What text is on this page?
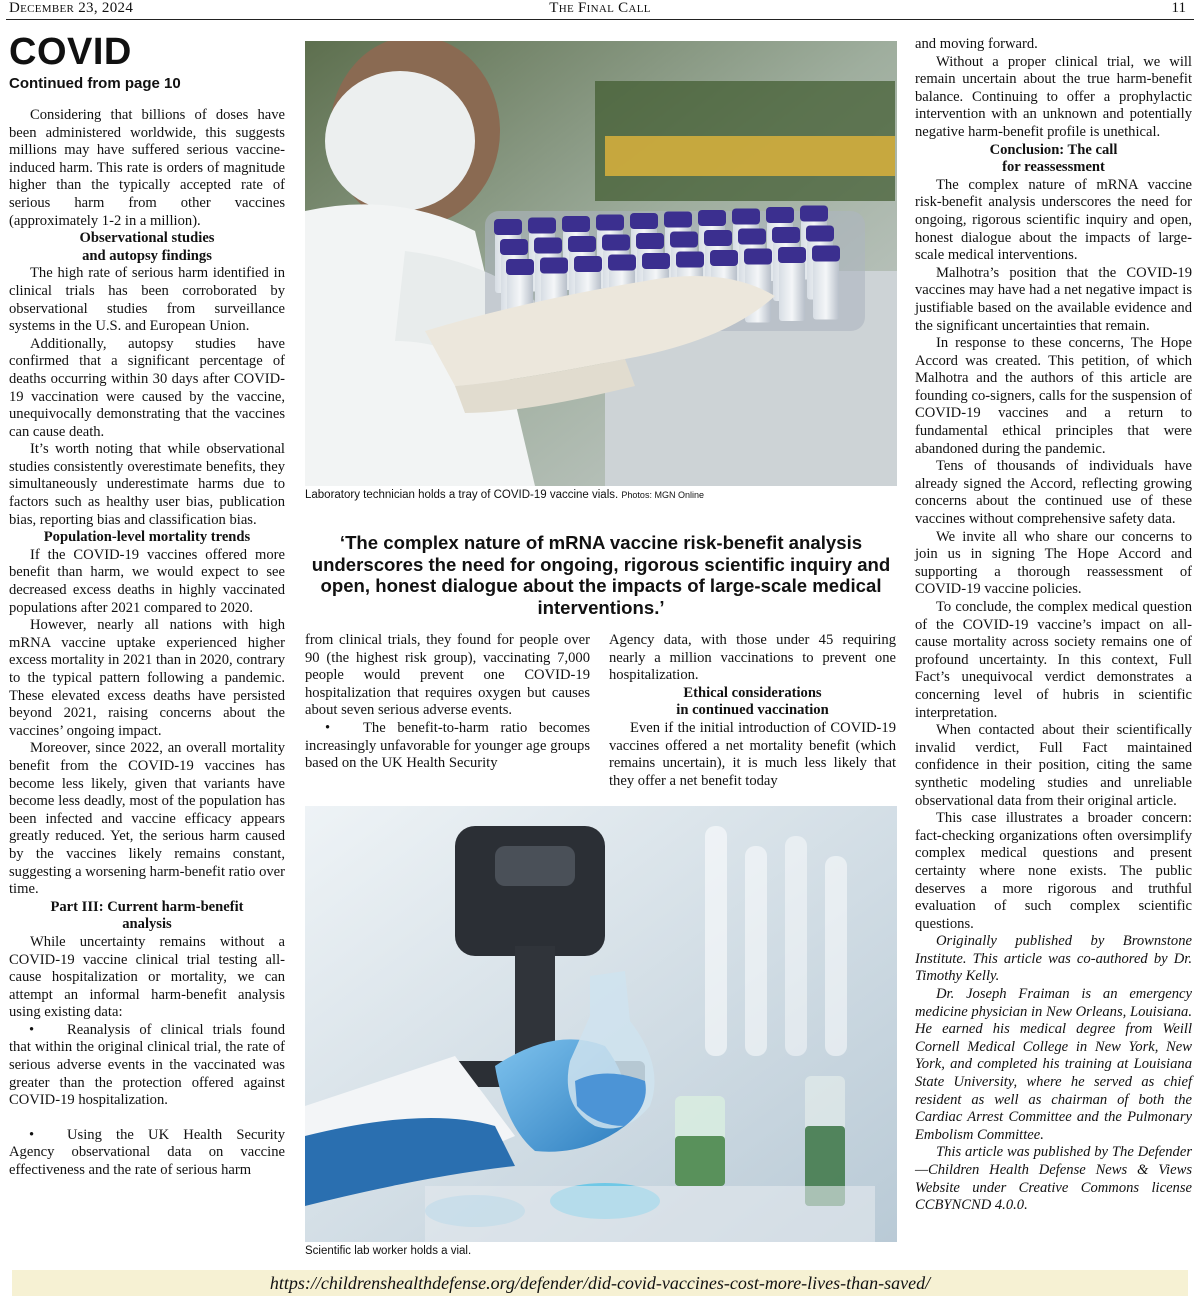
December 23, 2024	The Final Call	11
COVID
Continued from page 10

Considering that billions of doses have been administered worldwide, this suggests millions may have suffered serious vaccine-induced harm. This rate is orders of magnitude higher than the typically accepted rate of serious harm from other vaccines (approximately 1-2 in a million).

Observational studies
and autopsy findings

The high rate of serious harm identified in clinical trials has been corroborated by observational studies from surveillance systems in the U.S. and European Union.

Additionally, autopsy studies have confirmed that a significant percentage of deaths occurring within 30 days after COVID-19 vaccination were caused by the vaccine, unequivocally demonstrating that the vaccines can cause death.

It’s worth noting that while observational studies consistently overestimate benefits, they simultaneously underestimate harms due to factors such as healthy user bias, publication bias, reporting bias and classification bias.

Population-level mortality trends

If the COVID-19 vaccines offered more benefit than harm, we would expect to see decreased excess deaths in highly vaccinated populations after 2021 compared to 2020.

However, nearly all nations with high mRNA vaccine uptake experienced higher excess mortality in 2021 than in 2020, contrary to the typical pattern following a pandemic. These elevated excess deaths have persisted beyond 2021, raising concerns about the vaccines’ ongoing impact.

Moreover, since 2022, an overall mortality benefit from the COVID-19 vaccines has become less likely, given that variants have become less deadly, most of the population has been infected and vaccine efficacy appears greatly reduced. Yet, the serious harm caused by the vaccines likely remains constant, suggesting a worsening harm-benefit ratio over time.

Part III: Current harm-benefit
analysis

While uncertainty remains without a COVID-19 vaccine clinical trial testing all-cause hospitalization or mortality, we can attempt an informal harm-benefit analysis using existing data:

• Reanalysis of clinical trials found that within the original clinical trial, the rate of serious adverse events in the vaccinated was greater than the protection offered against COVID-19 hospitalization.

• Using the UK Health Security Agency observational data on vaccine effectiveness and the rate of serious harm

Laboratory technician holds a tray of COVID-19 vaccine vials. Photos: MGN Online
‘The complex nature of mRNA vaccine risk-benefit analysis underscores the need for ongoing, rigorous scientific inquiry and open, honest dialogue about the impacts of large-scale medical interventions.’

from clinical trials, they found for people over 90 (the highest risk group), vaccinating 7,000 people would prevent one COVID-19 hospitalization that requires oxygen but causes about seven serious adverse events.

• The benefit-to-harm ratio becomes increasingly unfavorable for younger age groups based on the UK Health Security

Agency data, with those under 45 requiring nearly a million vaccinations to prevent one hospitalization.

Ethical considerations
in continued vaccination

Even if the initial introduction of COVID-19 vaccines offered a net mortality benefit (which remains uncertain), it is much less likely that they offer a net benefit today

Scientific lab worker holds a vial.

and moving forward.

Without a proper clinical trial, we will remain uncertain about the true harm-benefit balance. Continuing to offer a prophylactic intervention with an unknown and potentially negative harm-benefit profile is unethical.

Conclusion: The call
for reassessment

The complex nature of mRNA vaccine risk-benefit analysis underscores the need for ongoing, rigorous scientific inquiry and open, honest dialogue about the impacts of large-scale medical interventions.

Malhotra’s position that the COVID-19 vaccines may have had a net negative impact is justifiable based on the available evidence and the significant uncertainties that remain.

In response to these concerns, The Hope Accord was created. This petition, of which Malhotra and the authors of this article are founding co-signers, calls for the suspension of COVID-19 vaccines and a return to fundamental ethical principles that were abandoned during the pandemic.

Tens of thousands of individuals have already signed the Accord, reflecting growing concerns about the continued use of these vaccines without comprehensive safety data.

We invite all who share our concerns to join us in signing The Hope Accord and supporting a thorough reassessment of COVID-19 vaccine policies.

To conclude, the complex medical question of the COVID-19 vaccine’s impact on all-cause mortality across society remains one of profound uncertainty. In this context, Full Fact’s unequivocal verdict demonstrates a concerning level of hubris in scientific interpretation.

When contacted about their scientifically invalid verdict, Full Fact maintained confidence in their position, citing the same synthetic modeling studies and unreliable observational data from their original article.

This case illustrates a broader concern: fact-checking organizations often oversimplify complex medical questions and present certainty where none exists. The public deserves a more rigorous and truthful evaluation of such complex scientific questions.

Originally published by Brownstone Institute. This article was co-authored by Dr. Timothy Kelly.

Dr. Joseph Fraiman is an emergency medicine physician in New Orleans, Louisiana. He earned his medical degree from Weill Cornell Medical College in New York, New York, and completed his training at Louisiana State University, where he served as chief resident as well as chairman of both the Cardiac Arrest Committee and the Pulmonary Embolism Committee.

This article was published by The Defender—Children Health Defense News & Views Website under Creative Commons license CCBYNCND 4.0.0.

https://childrenshealthdefense.org/defender/did-covid-vaccines-cost-more-lives-than-saved/
